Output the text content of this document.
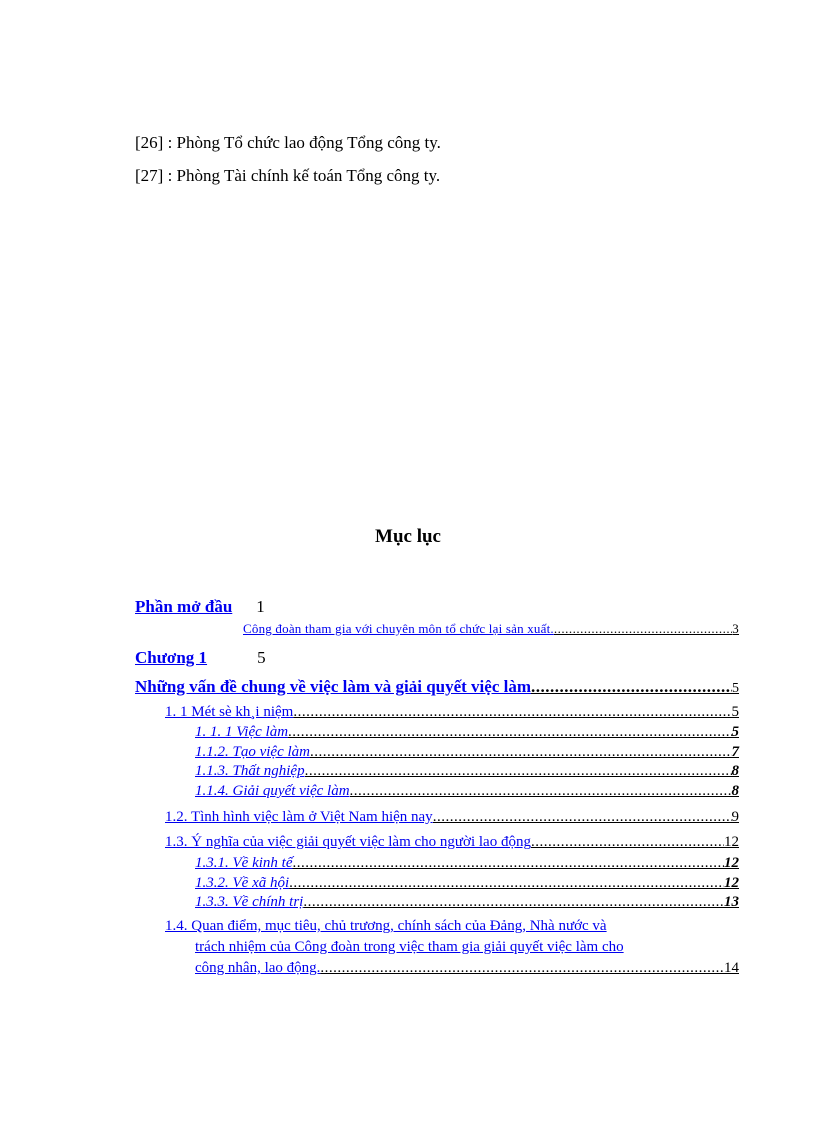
[26] : Phòng Tổ chức lao động Tổng công ty.
[27] : Phòng Tài chính kế toán Tổng công ty.
Mục lục
Phần mở đầu 1
Công đoàn tham gia với chuyên môn tổ chức lại sản xuất. .....	3
Chương 1	5
Những vấn đề chung về việc làm và giải quyết việc làm .....	5
1. 1 Mét sè kh¸i niệm .....	5
1. 1. 1 Việc làm .....	5
1.1.2. Tạo việc làm .....	7
1.1.3. Thất nghiệp .....	8
1.1.4. Giải quyết việc làm .....	8
1.2. Tình hình việc làm ở Việt Nam hiện nay .....	9
1.3. Ý nghĩa của việc giải quyết việc làm cho người lao động .....	12
1.3.1. Về kinh tế .....	12
1.3.2. Về xã hội .....	12
1.3.3. Về chính trị .....	13
1.4. Quan điểm, mục tiêu, chủ trương, chính sách của Đảng, Nhà nước và
trách nhiệm của Công đoàn trong việc tham gia giải quyết việc làm cho
công nhân, lao động. .....	14
